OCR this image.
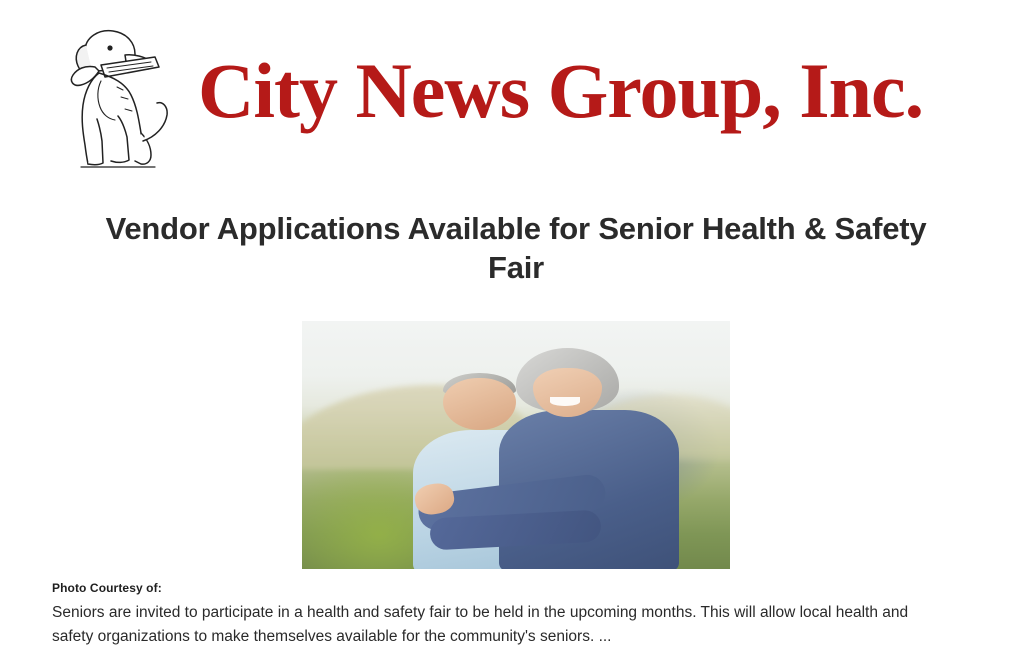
City News Group, Inc.
Vendor Applications Available for Senior Health & Safety Fair
Photo Courtesy of:

Seniors are invited to participate in a health and safety fair to be held in the upcoming months. This will allow local health and safety organizations to make themselves available for the community's seniors. ...
